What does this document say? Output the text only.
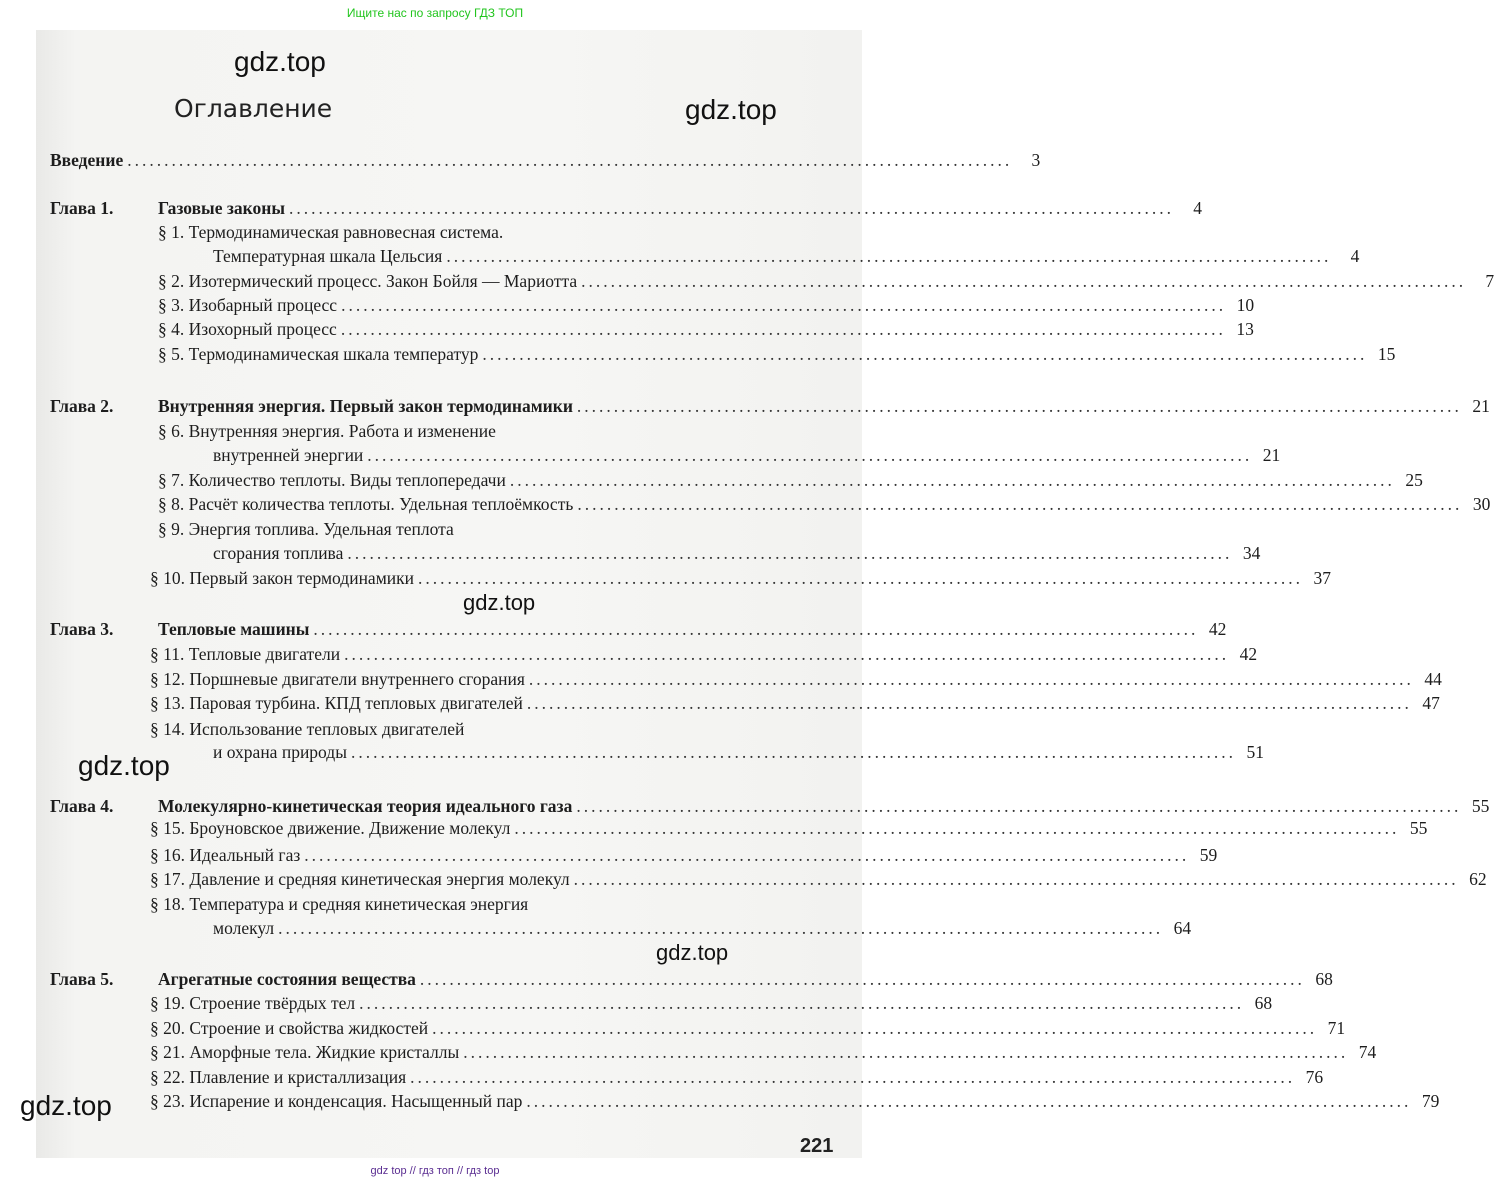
Ищите нас по запросу ГДЗ ТОП
gdz.top
gdz.top
gdz.top
gdz.top
gdz.top
gdz.top
Оглавление
Введение ........................................................................................................................	3
Глава 1.	Газовые законы ........................................................................................................................	4
§ 1. Термодинамическая равновесная система.
Температурная шкала Цельсия ........................................................................................................................	4
§ 2. Изотермический процесс. Закон Бойля — Мариотта ........................................................................................................................	7
§ 3. Изобарный процесс ........................................................................................................................ 10
§ 4. Изохорный процесс ........................................................................................................................ 13
§ 5. Термодинамическая шкала температур ........................................................................................................................ 15
Глава 2.	Внутренняя энергия. Первый закон термодинамики ........................................................................................................................ 21
§ 6. Внутренняя энергия. Работа и изменение
внутренней энергии ........................................................................................................................ 21
§ 7. Количество теплоты. Виды теплопередачи ........................................................................................................................ 25
§ 8. Расчёт количества теплоты. Удельная теплоёмкость ........................................................................................................................ 30
§ 9. Энергия топлива. Удельная теплота
сгорания топлива ........................................................................................................................ 34
§ 10. Первый закон термодинамики ........................................................................................................................ 37
Глава 3.	Тепловые машины ........................................................................................................................ 42
§ 11. Тепловые двигатели ........................................................................................................................ 42
§ 12. Поршневые двигатели внутреннего сгорания ........................................................................................................................ 44
§ 13. Паровая турбина. КПД тепловых двигателей ........................................................................................................................ 47
§ 14. Использование тепловых двигателей
и охрана природы ........................................................................................................................ 51
Глава 4.	Молекулярно-кинетическая теория идеального газа ........................................................................................................................ 55
§ 15. Броуновское движение. Движение молекул ........................................................................................................................ 55
§ 16. Идеальный газ ........................................................................................................................ 59
§ 17. Давление и средняя кинетическая энергия молекул ........................................................................................................................ 62
§ 18. Температура и средняя кинетическая энергия
молекул ........................................................................................................................ 64
Глава 5.	Агрегатные состояния вещества ........................................................................................................................ 68
§ 19. Строение твёрдых тел ........................................................................................................................ 68
§ 20. Строение и свойства жидкостей ........................................................................................................................ 71
§ 21. Аморфные тела. Жидкие кристаллы ........................................................................................................................ 74
§ 22. Плавление и кристаллизация ........................................................................................................................ 76
§ 23. Испарение и конденсация. Насыщенный пар ........................................................................................................................ 79
221
gdz top // гдз топ // гдз top
